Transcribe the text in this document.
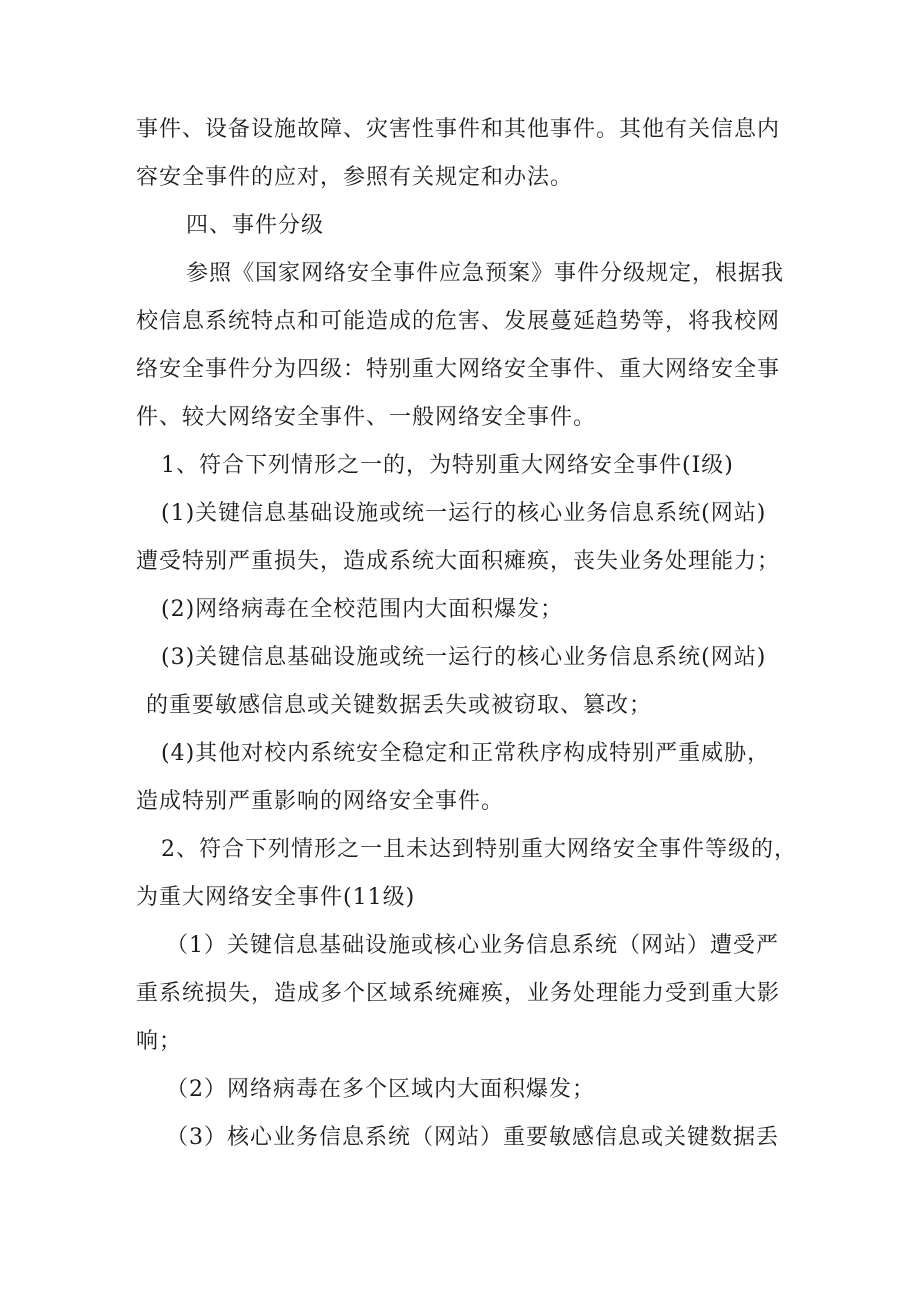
事件、设备设施故障、灾害性事件和其他事件。其他有关信息内
容安全事件的应对，参照有关规定和办法。
四、事件分级
参照《国家网络安全事件应急预案》事件分级规定，根据我
校信息系统特点和可能造成的危害、发展蔓延趋势等，将我校网
络安全事件分为四级：特别重大网络安全事件、重大网络安全事
件、较大网络安全事件、一般网络安全事件。
1、符合下列情形之一的，为特别重大网络安全事件(I级)
(1)关键信息基础设施或统一运行的核心业务信息系统(网站)
遭受特别严重损失，造成系统大面积瘫痪，丧失业务处理能力；
(2)网络病毒在全校范围内大面积爆发；
(3)关键信息基础设施或统一运行的核心业务信息系统(网站)
的重要敏感信息或关键数据丢失或被窃取、篡改；
(4)其他对校内系统安全稳定和正常秩序构成特别严重威胁，
造成特别严重影响的网络安全事件。
2、符合下列情形之一且未达到特别重大网络安全事件等级的，
为重大网络安全事件(11级)
（1）关键信息基础设施或核心业务信息系统（网站）遭受严
重系统损失，造成多个区域系统瘫痪，业务处理能力受到重大影
响；
（2）网络病毒在多个区域内大面积爆发；
（3）核心业务信息系统（网站）重要敏感信息或关键数据丢
